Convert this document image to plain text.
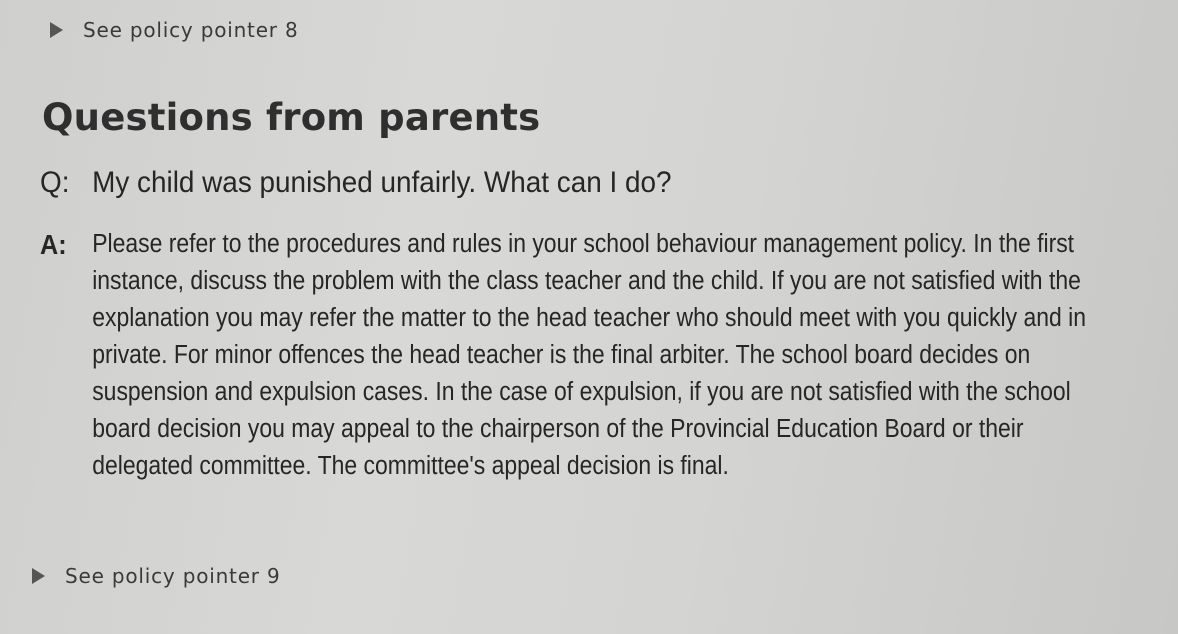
See policy pointer 8
Questions from parents
Q: My child was punished unfairly. What can I do?
A:	Please refer to the procedures and rules in your school behaviour management policy. In the first instance, discuss the problem with the class teacher and the child. If you are not satisfied with the explanation you may refer the matter to the head teacher who should meet with you quickly and in private. For minor offences the head teacher is the final arbiter. The school board decides on suspension and expulsion cases. In the case of expulsion, if you are not satisfied with the school board decision you may appeal to the chairperson of the Provincial Education Board or their delegated committee. The committee's appeal decision is final.

See policy pointer 9
